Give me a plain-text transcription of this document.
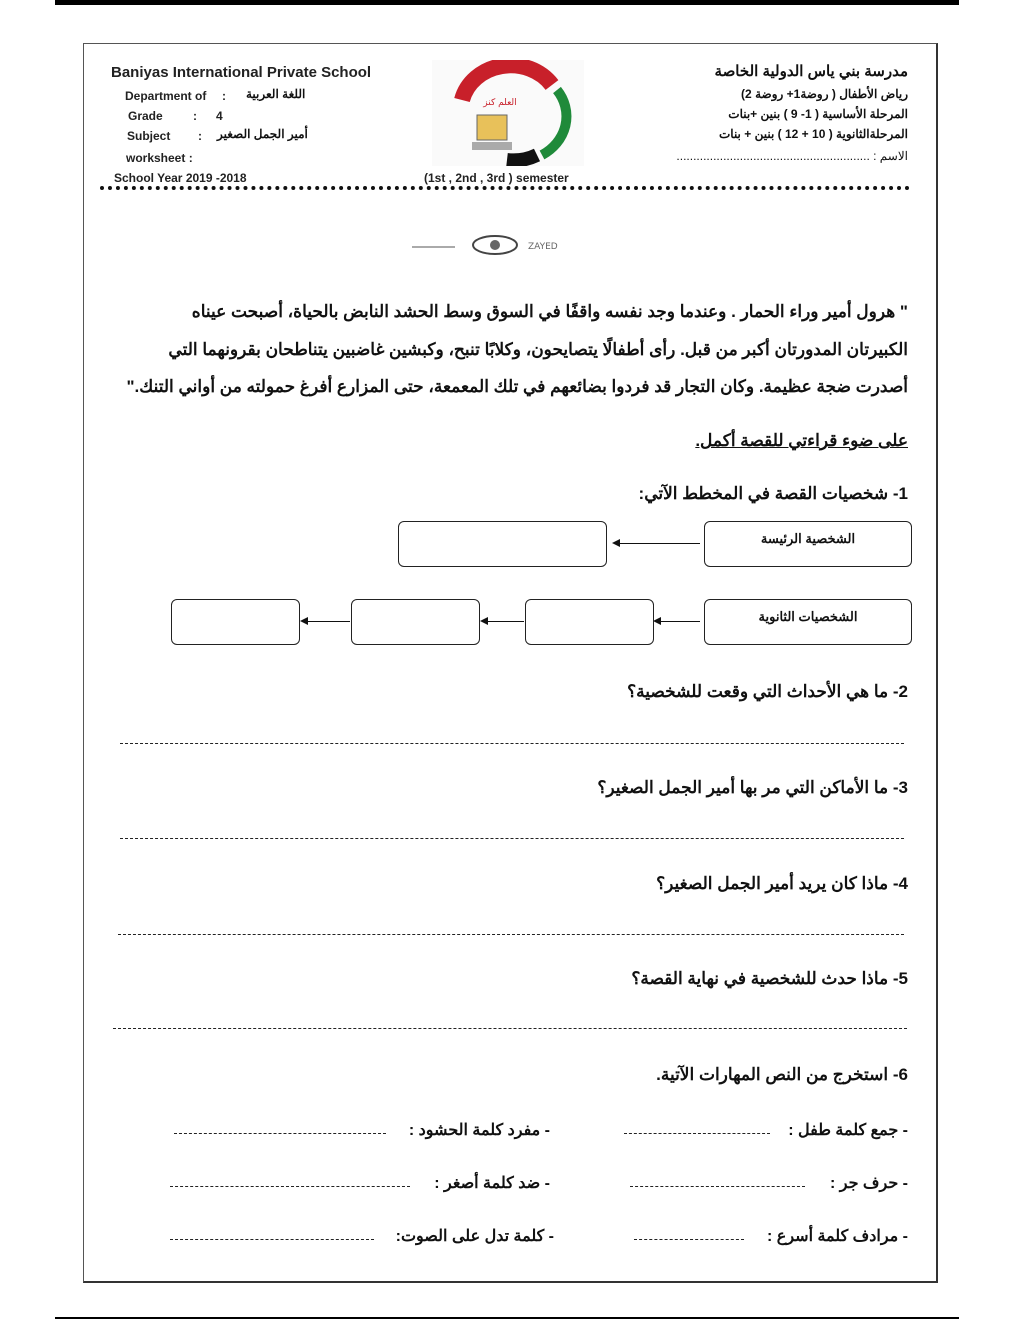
Baniyas International Private School
Department of : اللغة العربية
Grade	: 4
Subject : أمير الجمل الصغير
worksheet :
School Year 2019 -2018	(1st , 2nd , 3rd ) semester
العلم كنز
مدرسة بني ياس الدولية الخاصة
رياض الأطفال ( روضة1+ روضة 2)
المرحلة الأساسية ( 1- 9 ) بنين +بنات
المرحلةالثانوية ( 10 + 12 ) بنين + بنات
الاسم : ..........................................................
ZAYED
" هرول أمير وراء الحمار . وعندما وجد نفسه واقفًا في السوق وسط الحشد النابض بالحياة، أصبحت عيناه
الكبيرتان المدورتان أكبر من قبل. رأى أطفالًا يتصايحون، وكلابًا تنبح، وكبشين غاضبين يتناطحان بقرونهما التي
أصدرت ضجة عظيمة. وكان التجار قد فردوا بضائعهم في تلك المعمعة، حتى المزارع أفرغ حمولته من أواني التنك."
على ضوء قراءتي للقصة أكمل.
1- شخصيات القصة في المخطط الآتي:
الشخصية الرئيسة
الشخصيات الثانوية
2- ما هي الأحداث التي وقعت للشخصية؟
3- ما الأماكن التي مر بها أمير الجمل الصغير؟
4- ماذا كان يريد أمير الجمل الصغير؟
5- ماذا حدث للشخصية في نهاية القصة؟
6- استخرج من النص المهارات الآتية.
- جمع كلمة طفل :
- مفرد كلمة الحشود :
- حرف جر :
- ضد كلمة أصغر :
- مرادف كلمة أسرع :
- كلمة تدل على الصوت:
